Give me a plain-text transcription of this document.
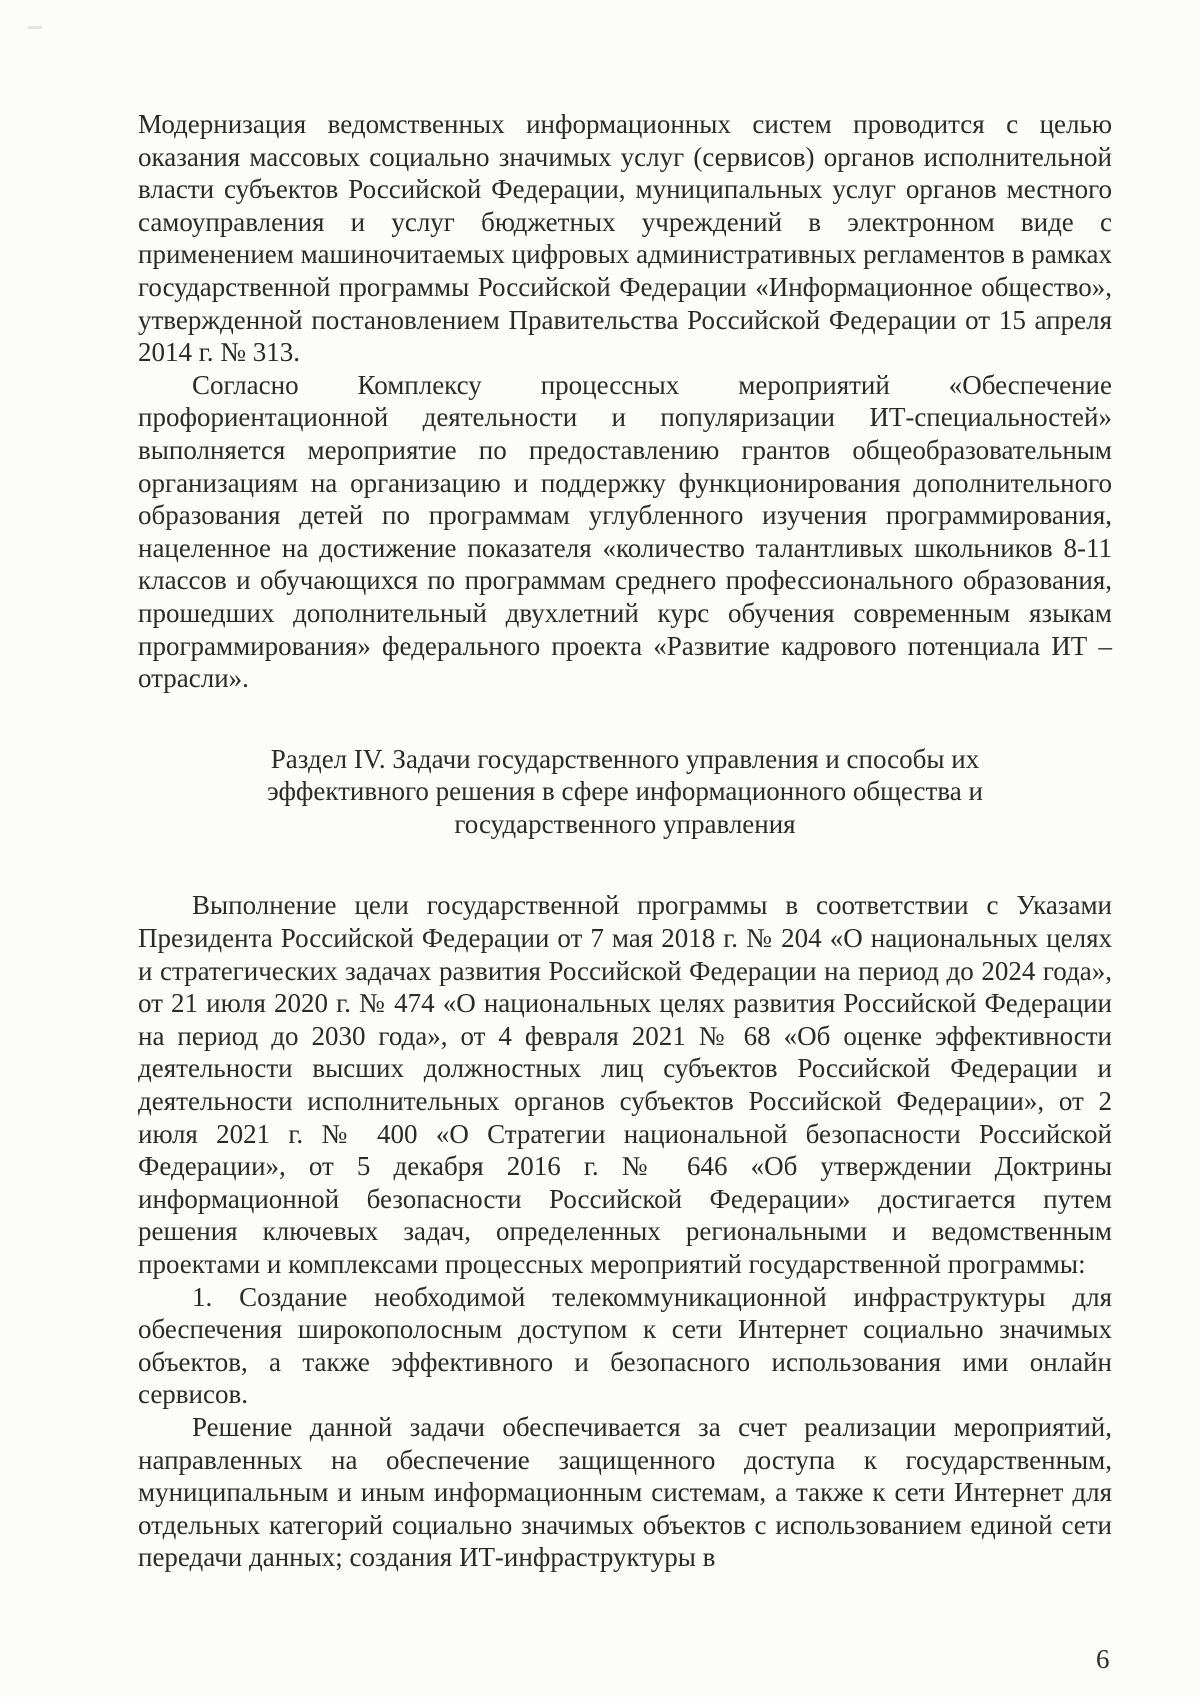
Модернизация ведомственных информационных систем проводится с целью оказания массовых социально значимых услуг (сервисов) органов исполнительной власти субъектов Российской Федерации, муниципальных услуг органов местного самоуправления и услуг бюджетных учреждений в электронном виде с применением машиночитаемых цифровых административных регламентов в рамках государственной программы Российской Федерации «Информационное общество», утвержденной постановлением Правительства Российской Федерации от 15 апреля 2014 г. № 313.

Согласно Комплексу процессных мероприятий «Обеспечение профориентационной деятельности и популяризации ИТ-специальностей» выполняется мероприятие по предоставлению грантов общеобразовательным организациям на организацию и поддержку функционирования дополнительного образования детей по программам углубленного изучения программирования, нацеленное на достижение показателя «количество талантливых школьников 8-11 классов и обучающихся по программам среднего профессионального образования, прошедших дополнительный двухлетний курс обучения современным языкам программирования» федерального проекта «Развитие кадрового потенциала ИТ – отрасли».

Раздел IV. Задачи государственного управления и способы их
эффективного решения в сфере информационного общества и
государственного управления

Выполнение цели государственной программы в соответствии с Указами Президента Российской Федерации от 7 мая 2018 г. № 204 «О национальных целях и стратегических задачах развития Российской Федерации на период до 2024 года», от 21 июля 2020 г. № 474 «О национальных целях развития Российской Федерации на период до 2030 года», от 4 февраля 2021 № 68 «Об оценке эффективности деятельности высших должностных лиц субъектов Российской Федерации и деятельности исполнительных органов субъектов Российской Федерации», от 2 июля 2021 г. № 400 «О Стратегии национальной безопасности Российской Федерации», от 5 декабря 2016 г. № 646 «Об утверждении Доктрины информационной безопасности Российской Федерации» достигается путем решения ключевых задач, определенных региональными и ведомственным проектами и комплексами процессных мероприятий государственной программы:

1. Создание необходимой телекоммуникационной инфраструктуры для обеспечения широкополосным доступом к сети Интернет социально значимых объектов, а также эффективного и безопасного использования ими онлайн сервисов.

Решение данной задачи обеспечивается за счет реализации мероприятий, направленных на обеспечение защищенного доступа к государственным, муниципальным и иным информационным системам, а также к сети Интернет для отдельных категорий социально значимых объектов с использованием единой сети передачи данных; создания ИТ-инфраструктуры в

6
